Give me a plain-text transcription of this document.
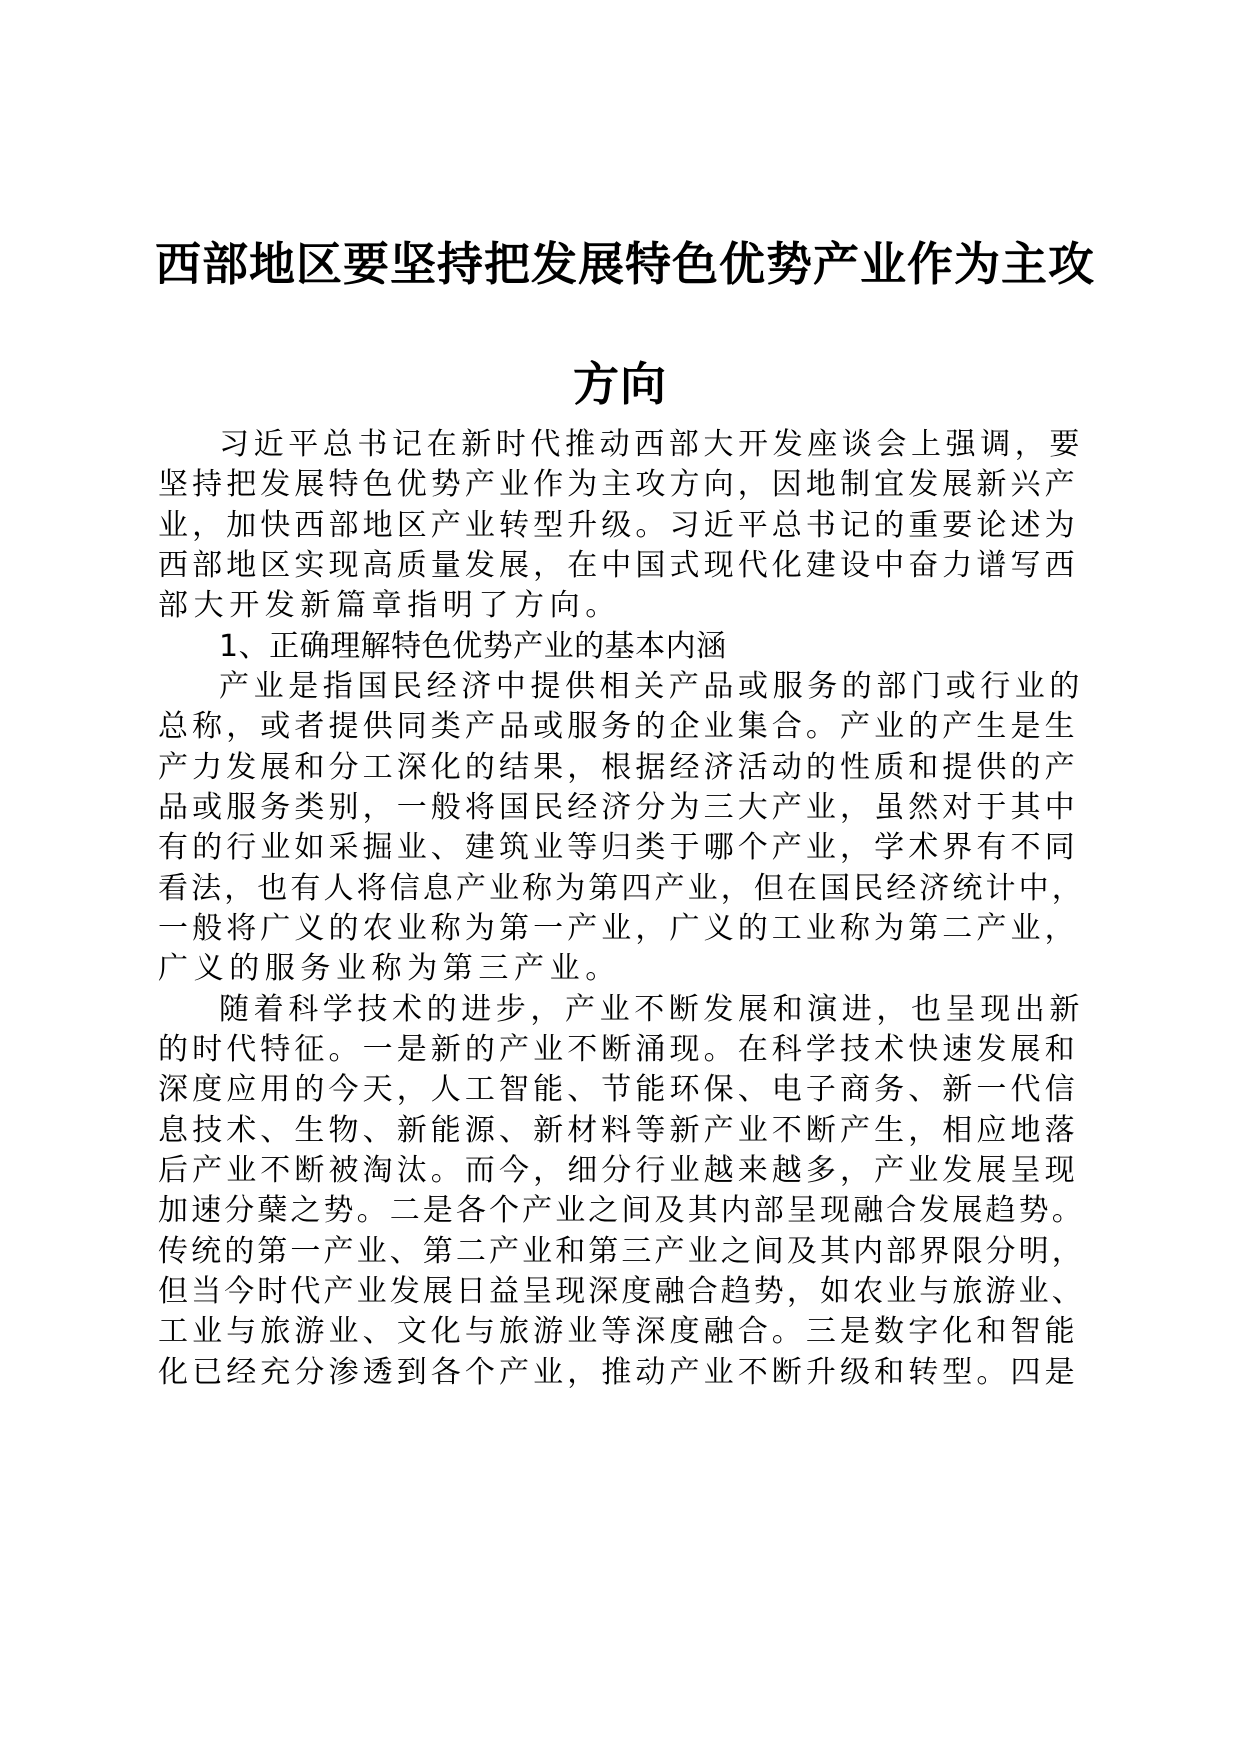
西部地区要坚持把发展特色优势产业作为主攻
方向
习近平总书记在新时代推动西部大开发座谈会上强调，要
坚持把发展特色优势产业作为主攻方向，因地制宜发展新兴产
业，加快西部地区产业转型升级。习近平总书记的重要论述为
西部地区实现高质量发展，在中国式现代化建设中奋力谱写西
部大开发新篇章指明了方向。
1、正确理解特色优势产业的基本内涵
产业是指国民经济中提供相关产品或服务的部门或行业的
总称，或者提供同类产品或服务的企业集合。产业的产生是生
产力发展和分工深化的结果，根据经济活动的性质和提供的产
品或服务类别，一般将国民经济分为三大产业，虽然对于其中
有的行业如采掘业、建筑业等归类于哪个产业，学术界有不同
看法，也有人将信息产业称为第四产业，但在国民经济统计中，
一般将广义的农业称为第一产业，广义的工业称为第二产业，
广义的服务业称为第三产业。
随着科学技术的进步，产业不断发展和演进，也呈现出新
的时代特征。一是新的产业不断涌现。在科学技术快速发展和
深度应用的今天，人工智能、节能环保、电子商务、新一代信
息技术、生物、新能源、新材料等新产业不断产生，相应地落
后产业不断被淘汰。而今，细分行业越来越多，产业发展呈现
加速分蘖之势。二是各个产业之间及其内部呈现融合发展趋势。
传统的第一产业、第二产业和第三产业之间及其内部界限分明，
但当今时代产业发展日益呈现深度融合趋势，如农业与旅游业、
工业与旅游业、文化与旅游业等深度融合。三是数字化和智能
化已经充分渗透到各个产业，推动产业不断升级和转型。四是
